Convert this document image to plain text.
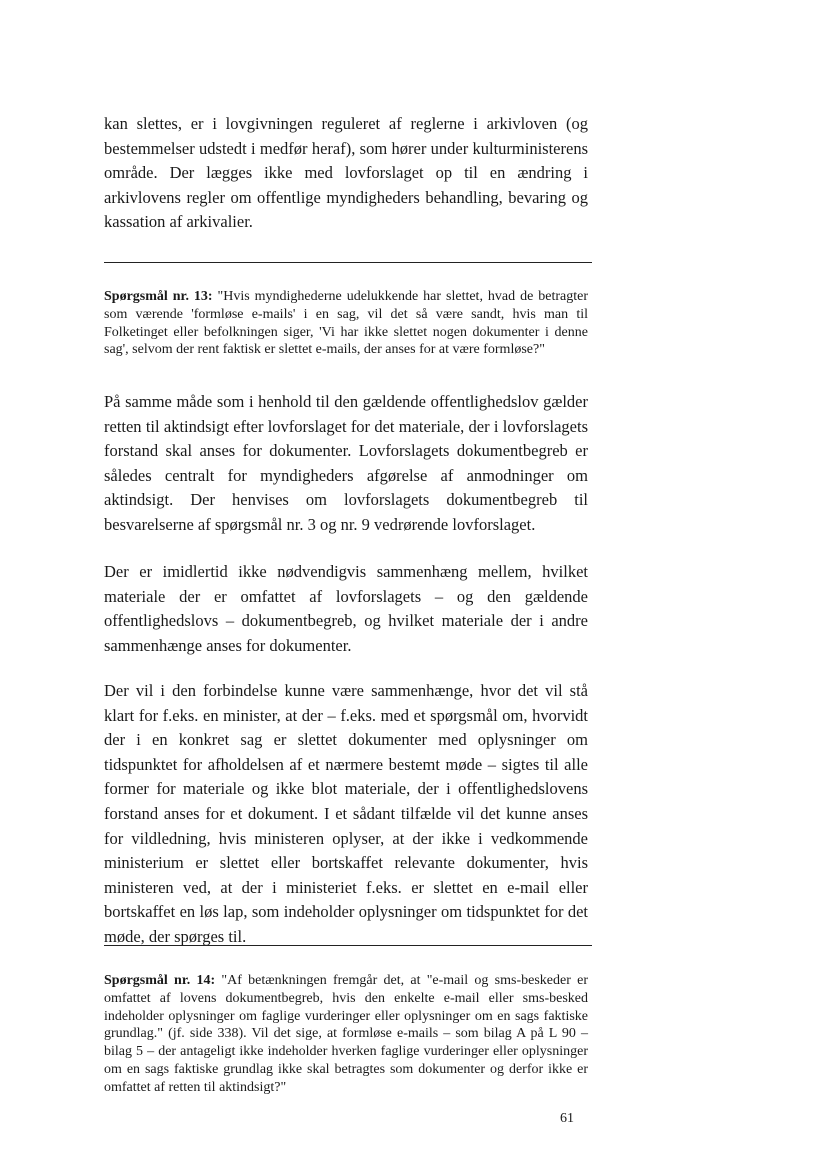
kan slettes, er i lovgivningen reguleret af reglerne i arkivloven (og bestemmelser udstedt i medfør heraf), som hører under kulturministerens område. Der lægges ikke med lovforslaget op til en ændring i arkivlovens regler om offentlige myndigheders behandling, bevaring og kassation af arkivalier.

Spørgsmål nr. 13: "Hvis myndighederne udelukkende har slettet, hvad de betragter som værende 'formløse e-mails' i en sag, vil det så være sandt, hvis man til Folketinget eller befolkningen siger, 'Vi har ikke slettet nogen dokumenter i denne sag', selvom der rent faktisk er slettet e-mails, der anses for at være formløse?"

På samme måde som i henhold til den gældende offentlighedslov gælder retten til aktindsigt efter lovforslaget for det materiale, der i lovforslagets forstand skal anses for dokumenter. Lovforslagets dokumentbegreb er således centralt for myndigheders afgørelse af anmodninger om aktindsigt. Der henvises om lovforslagets dokumentbegreb til besvarelserne af spørgsmål nr. 3 og nr. 9 vedrørende lovforslaget.

Der er imidlertid ikke nødvendigvis sammenhæng mellem, hvilket materiale der er omfattet af lovforslagets – og den gældende offentlighedslovs – dokumentbegreb, og hvilket materiale der i andre sammenhænge anses for dokumenter.

Der vil i den forbindelse kunne være sammenhænge, hvor det vil stå klart for f.eks. en minister, at der – f.eks. med et spørgsmål om, hvorvidt der i en konkret sag er slettet dokumenter med oplysninger om tidspunktet for afholdelsen af et nærmere bestemt møde – sigtes til alle former for materiale og ikke blot materiale, der i offentlighedslovens forstand anses for et dokument. I et sådant tilfælde vil det kunne anses for vildledning, hvis ministeren oplyser, at der ikke i vedkommende ministerium er slettet eller bortskaffet relevante dokumenter, hvis ministeren ved, at der i ministeriet f.eks. er slettet en e-mail eller bortskaffet en løs lap, som indeholder oplysninger om tidspunktet for det møde, der spørges til.

Spørgsmål nr. 14: "Af betænkningen fremgår det, at "e-mail og sms-beskeder er omfattet af lovens dokumentbegreb, hvis den enkelte e-mail eller sms-besked indeholder oplysninger om faglige vurderinger eller oplysninger om en sags faktiske grundlag." (jf. side 338). Vil det sige, at formløse e-mails – som bilag A på L 90 – bilag 5 – der antageligt ikke indeholder hverken faglige vurderinger eller oplysninger om en sags faktiske grundlag ikke skal betragtes som dokumenter og derfor ikke er omfattet af retten til aktindsigt?"

61
